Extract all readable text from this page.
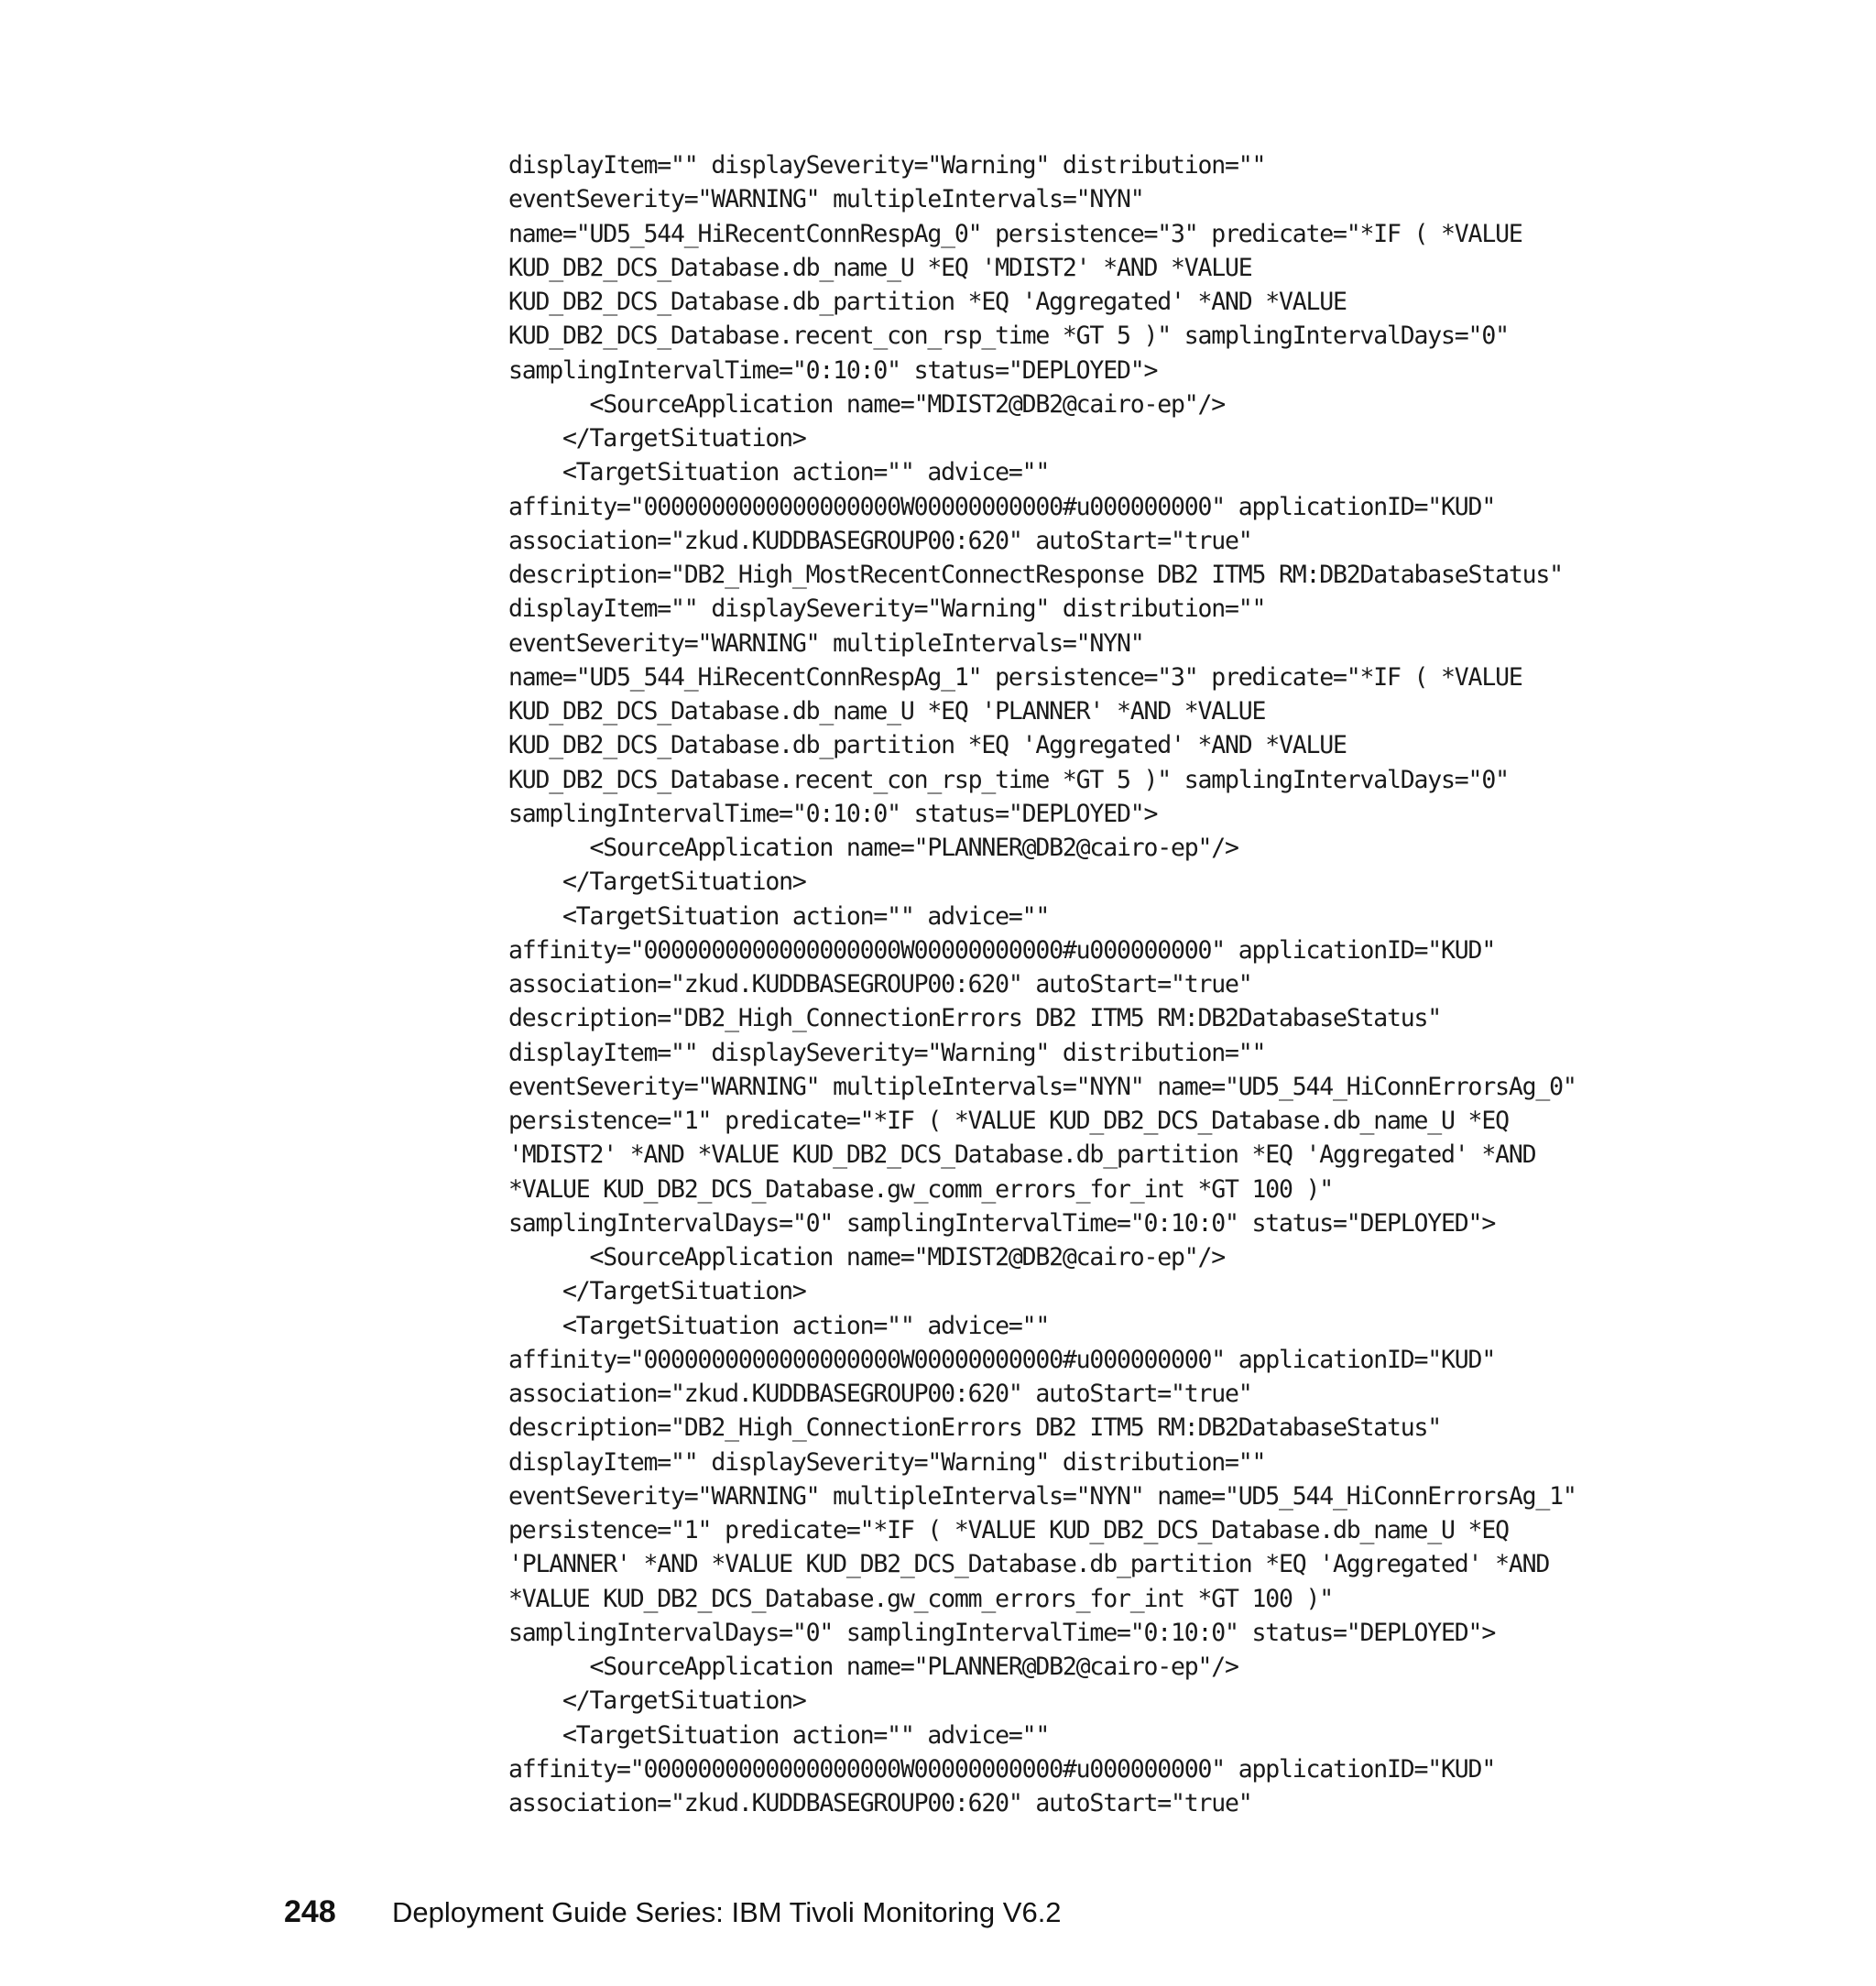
displayItem="" displaySeverity="Warning" distribution=""
eventSeverity="WARNING" multipleIntervals="NYN"
name="UD5_544_HiRecentConnRespAg_0" persistence="3" predicate="*IF ( *VALUE
KUD_DB2_DCS_Database.db_name_U *EQ 'MDIST2' *AND *VALUE
KUD_DB2_DCS_Database.db_partition *EQ 'Aggregated' *AND *VALUE
KUD_DB2_DCS_Database.recent_con_rsp_time *GT 5 )" samplingIntervalDays="0"
samplingIntervalTime="0:10:0" status="DEPLOYED">
<SourceApplication name="MDIST2@DB2@cairo-ep"/>
</TargetSituation>
<TargetSituation action="" advice=""
affinity="0000000000000000000W00000000000#u000000000" applicationID="KUD"
association="zkud.KUDDBASEGROUP00:620" autoStart="true"
description="DB2_High_MostRecentConnectResponse DB2 ITM5 RM:DB2DatabaseStatus"
displayItem="" displaySeverity="Warning" distribution=""
eventSeverity="WARNING" multipleIntervals="NYN"
name="UD5_544_HiRecentConnRespAg_1" persistence="3" predicate="*IF ( *VALUE
KUD_DB2_DCS_Database.db_name_U *EQ 'PLANNER' *AND *VALUE
KUD_DB2_DCS_Database.db_partition *EQ 'Aggregated' *AND *VALUE
KUD_DB2_DCS_Database.recent_con_rsp_time *GT 5 )" samplingIntervalDays="0"
samplingIntervalTime="0:10:0" status="DEPLOYED">
<SourceApplication name="PLANNER@DB2@cairo-ep"/>
</TargetSituation>
<TargetSituation action="" advice=""
affinity="0000000000000000000W00000000000#u000000000" applicationID="KUD"
association="zkud.KUDDBASEGROUP00:620" autoStart="true"
description="DB2_High_ConnectionErrors DB2 ITM5 RM:DB2DatabaseStatus"
displayItem="" displaySeverity="Warning" distribution=""
eventSeverity="WARNING" multipleIntervals="NYN" name="UD5_544_HiConnErrorsAg_0"
persistence="1" predicate="*IF ( *VALUE KUD_DB2_DCS_Database.db_name_U *EQ
'MDIST2' *AND *VALUE KUD_DB2_DCS_Database.db_partition *EQ 'Aggregated' *AND
*VALUE KUD_DB2_DCS_Database.gw_comm_errors_for_int *GT 100 )"
samplingIntervalDays="0" samplingIntervalTime="0:10:0" status="DEPLOYED">
<SourceApplication name="MDIST2@DB2@cairo-ep"/>
</TargetSituation>
<TargetSituation action="" advice=""
affinity="0000000000000000000W00000000000#u000000000" applicationID="KUD"
association="zkud.KUDDBASEGROUP00:620" autoStart="true"
description="DB2_High_ConnectionErrors DB2 ITM5 RM:DB2DatabaseStatus"
displayItem="" displaySeverity="Warning" distribution=""
eventSeverity="WARNING" multipleIntervals="NYN" name="UD5_544_HiConnErrorsAg_1"
persistence="1" predicate="*IF ( *VALUE KUD_DB2_DCS_Database.db_name_U *EQ
'PLANNER' *AND *VALUE KUD_DB2_DCS_Database.db_partition *EQ 'Aggregated' *AND
*VALUE KUD_DB2_DCS_Database.gw_comm_errors_for_int *GT 100 )"
samplingIntervalDays="0" samplingIntervalTime="0:10:0" status="DEPLOYED">
<SourceApplication name="PLANNER@DB2@cairo-ep"/>
</TargetSituation>
<TargetSituation action="" advice=""
affinity="0000000000000000000W00000000000#u000000000" applicationID="KUD"
association="zkud.KUDDBASEGROUP00:620" autoStart="true"
248	Deployment Guide Series: IBM Tivoli Monitoring V6.2
